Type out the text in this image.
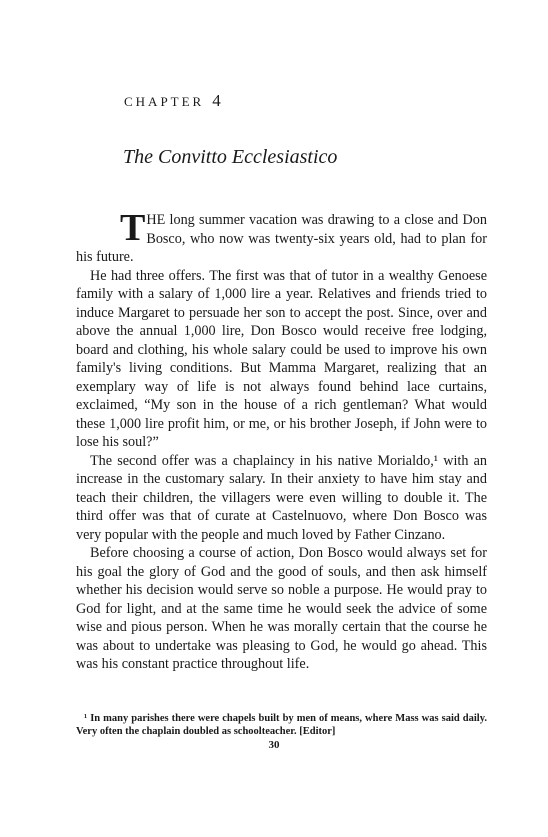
CHAPTER 4
The Convitto Ecclesiastico

THE long summer vacation was drawing to a close and Don Bosco, who now was twenty-six years old, had to plan for his future.

He had three offers. The first was that of tutor in a wealthy Genoese family with a salary of 1,000 lire a year. Relatives and friends tried to induce Margaret to persuade her son to accept the post. Since, over and above the annual 1,000 lire, Don Bosco would receive free lodging, board and clothing, his whole salary could be used to improve his own family's living conditions. But Mamma Margaret, realizing that an exemplary way of life is not always found behind lace curtains, exclaimed, “My son in the house of a rich gentleman? What would these 1,000 lire profit him, or me, or his brother Joseph, if John were to lose his soul?”

The second offer was a chaplaincy in his native Morialdo,¹ with an increase in the customary salary. In their anxiety to have him stay and teach their children, the villagers were even willing to double it. The third offer was that of curate at Castelnuovo, where Don Bosco was very popular with the people and much loved by Father Cinzano.

Before choosing a course of action, Don Bosco would always set for his goal the glory of God and the good of souls, and then ask himself whether his decision would serve so noble a purpose. He would pray to God for light, and at the same time he would seek the advice of some wise and pious person. When he was morally certain that the course he was about to undertake was pleasing to God, he would go ahead. This was his constant practice throughout life.

¹ In many parishes there were chapels built by men of means, where Mass was said daily. Very often the chaplain doubled as schoolteacher. [Editor]

30
